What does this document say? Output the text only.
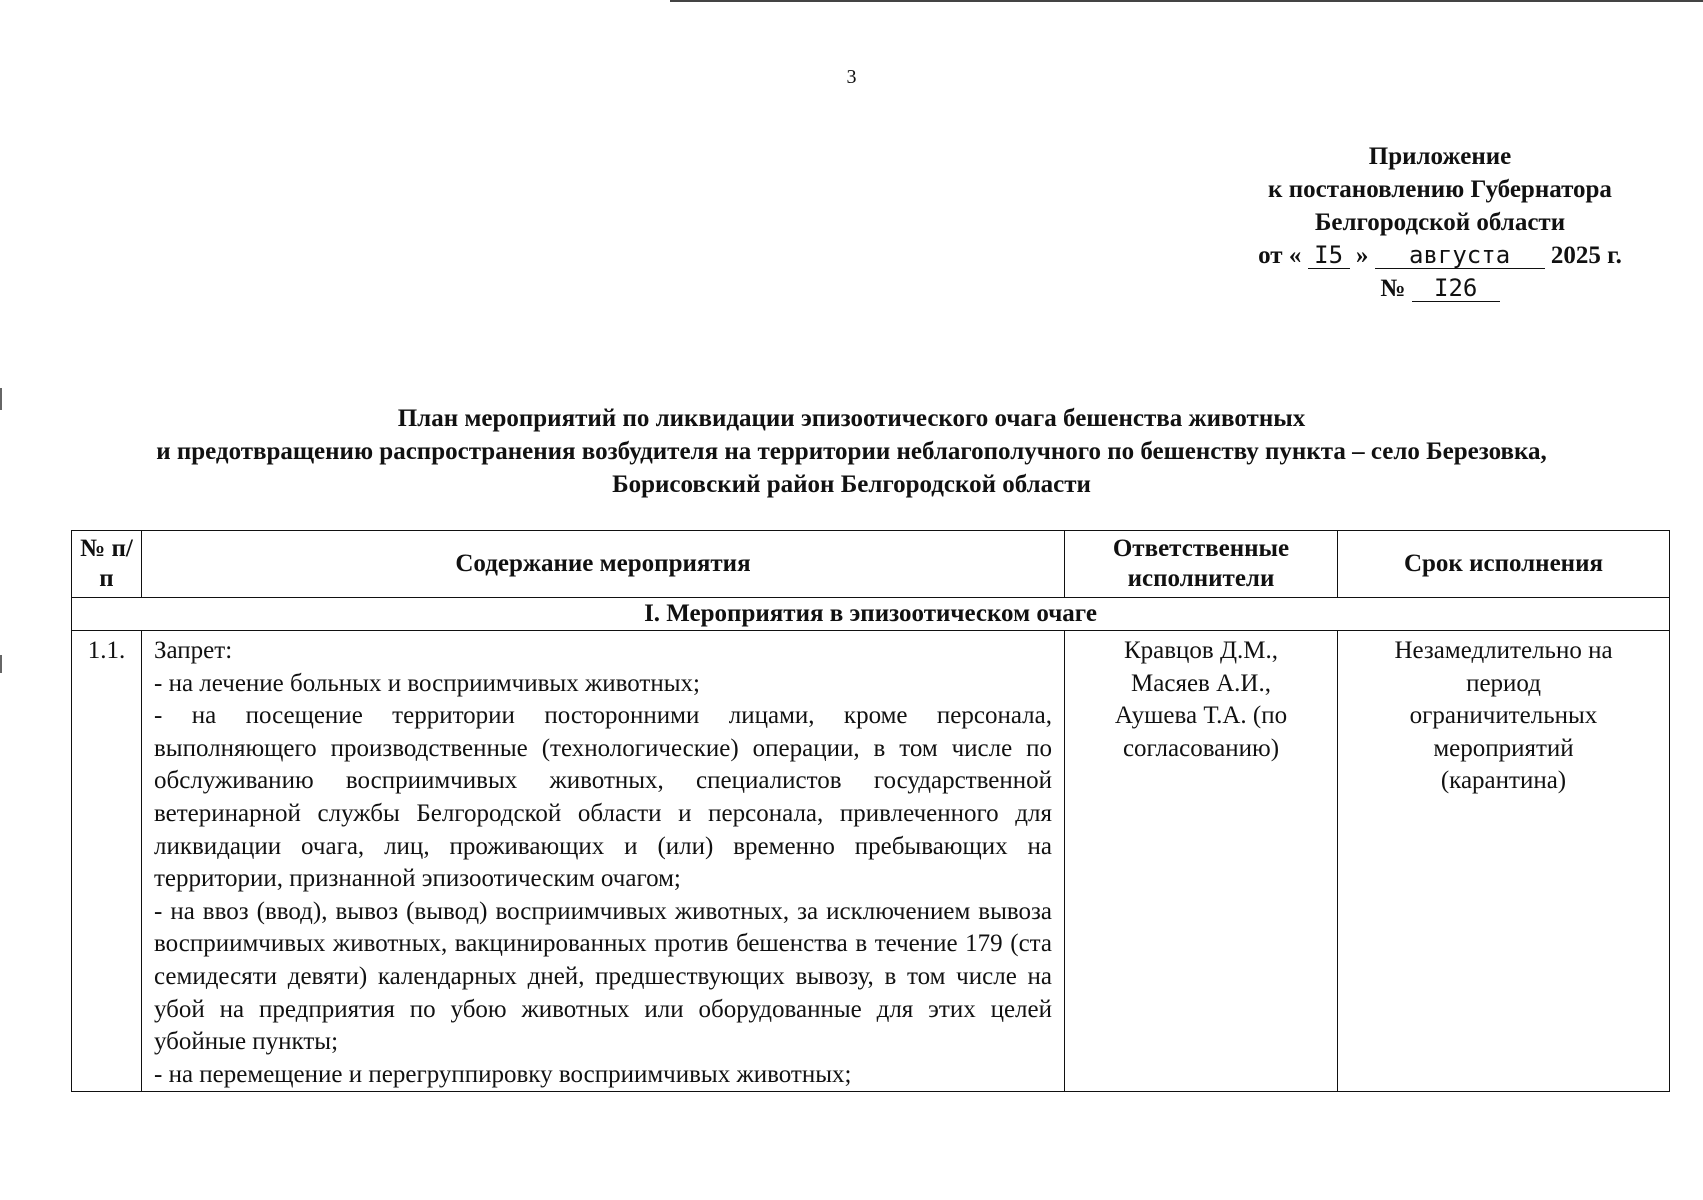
3
Приложение
к постановлению Губернатора
Белгородской области
от « I5 » августа 2025 г.
№ I26
План мероприятий по ликвидации эпизоотического очага бешенства животных
и предотвращению распространения возбудителя на территории неблагополучного по бешенству пункта – село Березовка,
Борисовский район Белгородской области
№ п/п	Содержание мероприятия	Ответственные исполнители	Срок исполнения
I. Мероприятия в эпизоотическом очаге			
1.1.	Запрет:
- на лечение больных и восприимчивых животных;
- на посещение территории посторонними лицами, кроме персонала, выполняющего производственные (технологические) операции, в том числе по обслуживанию восприимчивых животных, специалистов государственной ветеринарной службы Белгородской области и персонала, привлеченного для ликвидации очага, лиц, проживающих и (или) временно пребывающих на территории, признанной эпизоотическим очагом;
- на ввоз (ввод), вывоз (вывод) восприимчивых животных, за исключением вывоза восприимчивых животных, вакцинированных против бешенства в течение 179 (ста семидесяти девяти) календарных дней, предшествующих вывозу, в том числе на убой на предприятия по убою животных или оборудованные для этих целей убойные пункты;
- на перемещение и перегруппировку восприимчивых животных;	Кравцов Д.М., Масяев А.И., Аушева Т.А. (по согласованию)	Незамедлительно на период ограничительных мероприятий (карантина)
